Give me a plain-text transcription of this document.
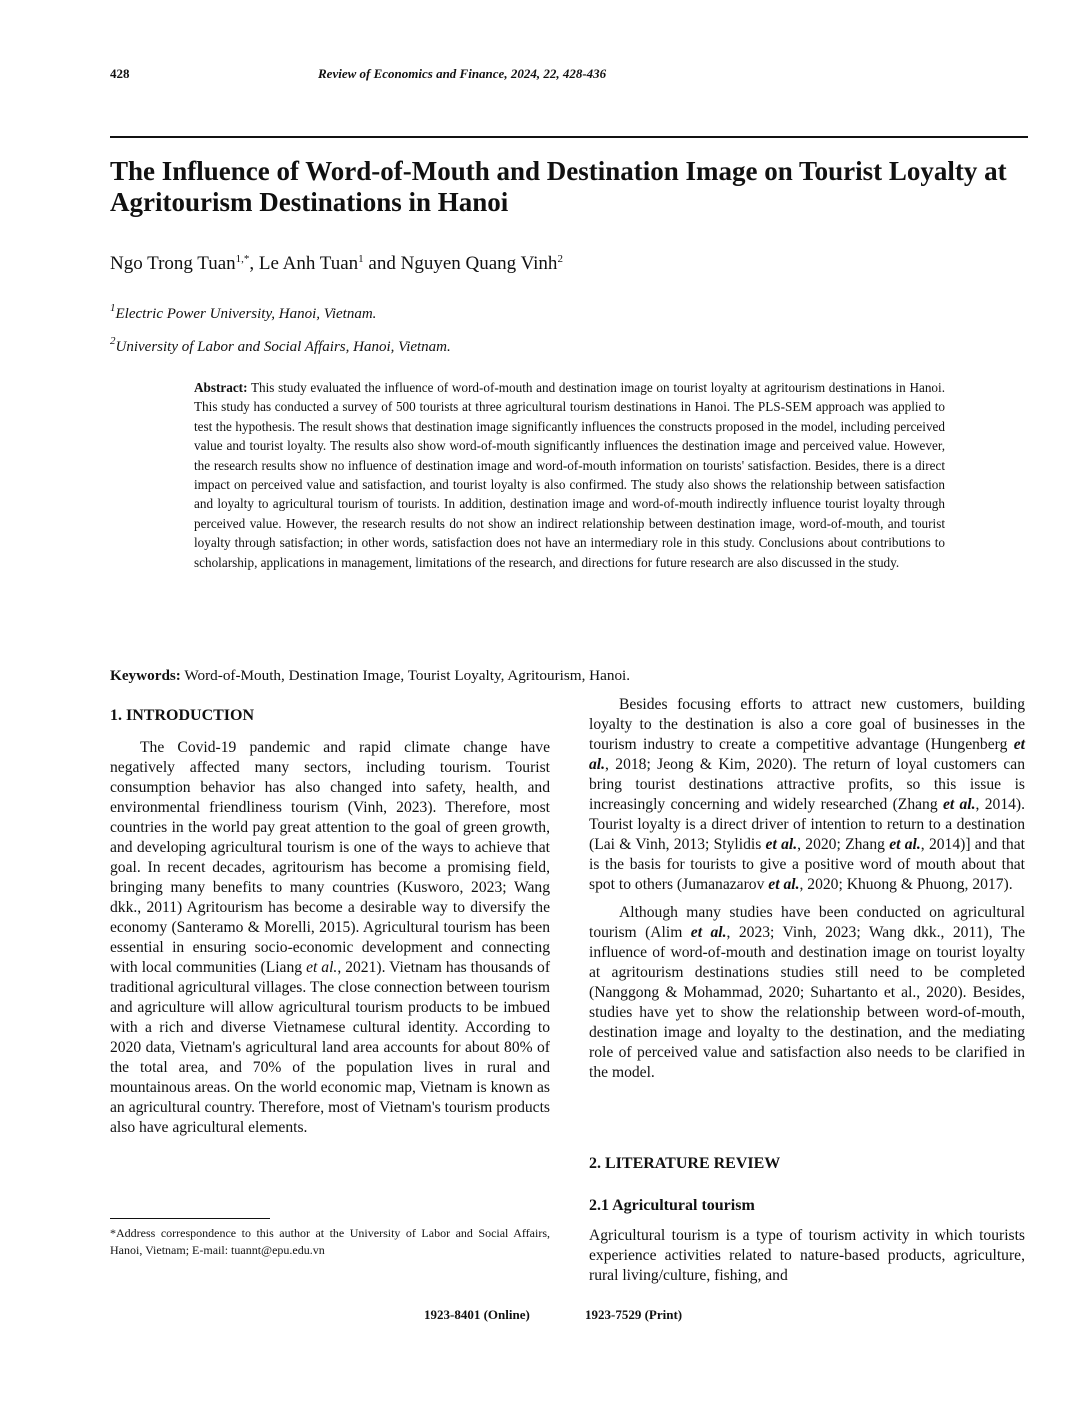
428	Review of Economics and Finance, 2024, 22, 428-436
The Influence of Word-of-Mouth and Destination Image on Tourist Loyalty at Agritourism Destinations in Hanoi
Ngo Trong Tuan$^{1,*}$, Le Anh Tuan$^1$ and Nguyen Quang Vinh$^2$
$^1$Electric Power University, Hanoi, Vietnam.
$^2$University of Labor and Social Affairs, Hanoi, Vietnam.

Abstract: This study evaluated the influence of word-of-mouth and destination image on tourist loyalty at agritourism destinations in Hanoi. This study has conducted a survey of 500 tourists at three agricultural tourism destinations in Hanoi. The PLS-SEM approach was applied to test the hypothesis. The result shows that destination image significantly influences the constructs proposed in the model, including perceived value and tourist loyalty. The results also show word-of-mouth significantly influences the destination image and perceived value. However, the research results show no influence of destination image and word-of-mouth information on tourists' satisfaction. Besides, there is a direct impact on perceived value and satisfaction, and tourist loyalty is also confirmed. The study also shows the relationship between satisfaction and loyalty to agricultural tourism of tourists. In addition, destination image and word-of-mouth indirectly influence tourist loyalty through perceived value. However, the research results do not show an indirect relationship between destination image, word-of-mouth, and tourist loyalty through satisfaction; in other words, satisfaction does not have an intermediary role in this study. Conclusions about contributions to scholarship, applications in management, limitations of the research, and directions for future research are also discussed in the study.

Keywords: Word-of-Mouth, Destination Image, Tourist Loyalty, Agritourism, Hanoi.
1. INTRODUCTION

The Covid-19 pandemic and rapid climate change have negatively affected many sectors, including tourism. Tourist consumption behavior has also changed into safety, health, and environmental friendliness tourism (Vinh, 2023). Therefore, most countries in the world pay great attention to the goal of green growth, and developing agricultural tourism is one of the ways to achieve that goal. In recent decades, agritourism has become a promising field, bringing many benefits to many countries (Kusworo, 2023; Wang dkk., 2011) Agritourism has become a desirable way to diversify the economy (Santeramo & Morelli, 2015). Agricultural tourism has been essential in ensuring socio-economic development and connecting with local communities (Liang et al., 2021). Vietnam has thousands of traditional agricultural villages. The close connection between tourism and agriculture will allow agricultural tourism products to be imbued with a rich and diverse Vietnamese cultural identity. According to 2020 data, Vietnam's agricultural land area accounts for about 80% of the total area, and 70% of the population lives in rural and mountainous areas. On the world economic map, Vietnam is known as an agricultural country. Therefore, most of Vietnam's tourism products also have agricultural elements.

Besides focusing efforts to attract new customers, building loyalty to the destination is also a core goal of businesses in the tourism industry to create a competitive advantage (Hungenberg et al., 2018; Jeong & Kim, 2020). The return of loyal customers can bring tourist destinations attractive profits, so this issue is increasingly concerning and widely researched (Zhang et al., 2014). Tourist loyalty is a direct driver of intention to return to a destination (Lai & Vinh, 2013; Stylidis et al., 2020; Zhang et al., 2014)] and that is the basis for tourists to give a positive word of mouth about that spot to others (Jumanazarov et al., 2020; Khuong & Phuong, 2017).

Although many studies have been conducted on agricultural tourism (Alim et al., 2023; Vinh, 2023; Wang dkk., 2011), The influence of word-of-mouth and destination image on tourist loyalty at agritourism destinations studies still need to be completed (Nanggong & Mohammad, 2020; Suhartanto et al., 2020). Besides, studies have yet to show the relationship between word-of-mouth, destination image and loyalty to the destination, and the mediating role of perceived value and satisfaction also needs to be clarified in the model.

2. LITERATURE REVIEW
2.1 Agricultural tourism
Agricultural tourism is a type of tourism activity in which tourists experience activities related to nature-based products, agriculture, rural living/culture, fishing, and
*Address correspondence to this author at the University of Labor and Social Affairs, Hanoi, Vietnam; E-mail: tuannt@epu.edu.vn
1923-8401 (Online)	1923-7529 (Print)
